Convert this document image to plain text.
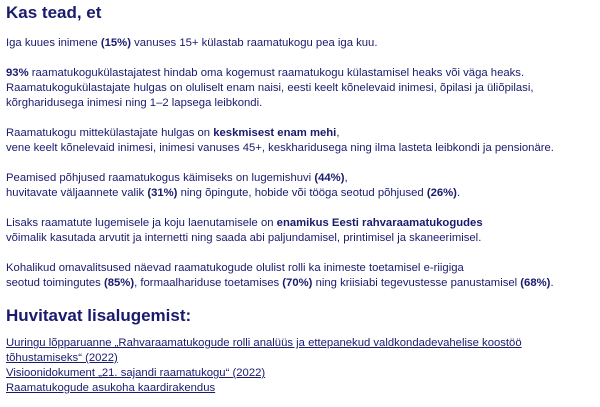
Kas tead, et

Iga kuues inimene (15%) vanuses 15+ külastab raamatukogu pea iga kuu.

93% raamatukogukülastajatest hindab oma kogemust raamatukogu külastamisel heaks või väga heaks.
Raamatukogukülastajate hulgas on oluliselt enam naisi, eesti keelt kõnelevaid inimesi, õpilasi ja üliõpilasi,
kõrgharidusega inimesi ning 1–2 lapsega leibkondi.

Raamatukogu mittekülastajate hulgas on keskmisest enam mehi,
vene keelt kõnelevaid inimesi, inimesi vanuses 45+, keskharidusega ning ilma lasteta leibkondi ja pensionäre.

Peamised põhjused raamatukogus käimiseks on lugemishuvi (44%),
huvitavate väljaannete valik (31%) ning õpingute, hobide või tööga seotud põhjused (26%).

Lisaks raamatute lugemisele ja koju laenutamisele on enamikus Eesti rahvaraamatukogudes
võimalik kasutada arvutit ja internetti ning saada abi paljundamisel, printimisel ja skaneerimisel.

Kohalikud omavalitsused näevad raamatukogude olulist rolli ka inimeste toetamisel e-riigiga
seotud toimingutes (85%), formaalhariduse toetamises (70%) ning kriisiabi tegevustesse panustamisel (68%).

Huvitavat lisalugemist:
Uuringu lõpparuanne „Rahvaraamatukogude rolli analüüs ja ettepanekud valdkondadevahelise koostöö
tõhustamiseks“ (2022)
Visioonidokument „21. sajandi raamatukogu“ (2022)
Raamatukogude asukoha kaardirakendus
